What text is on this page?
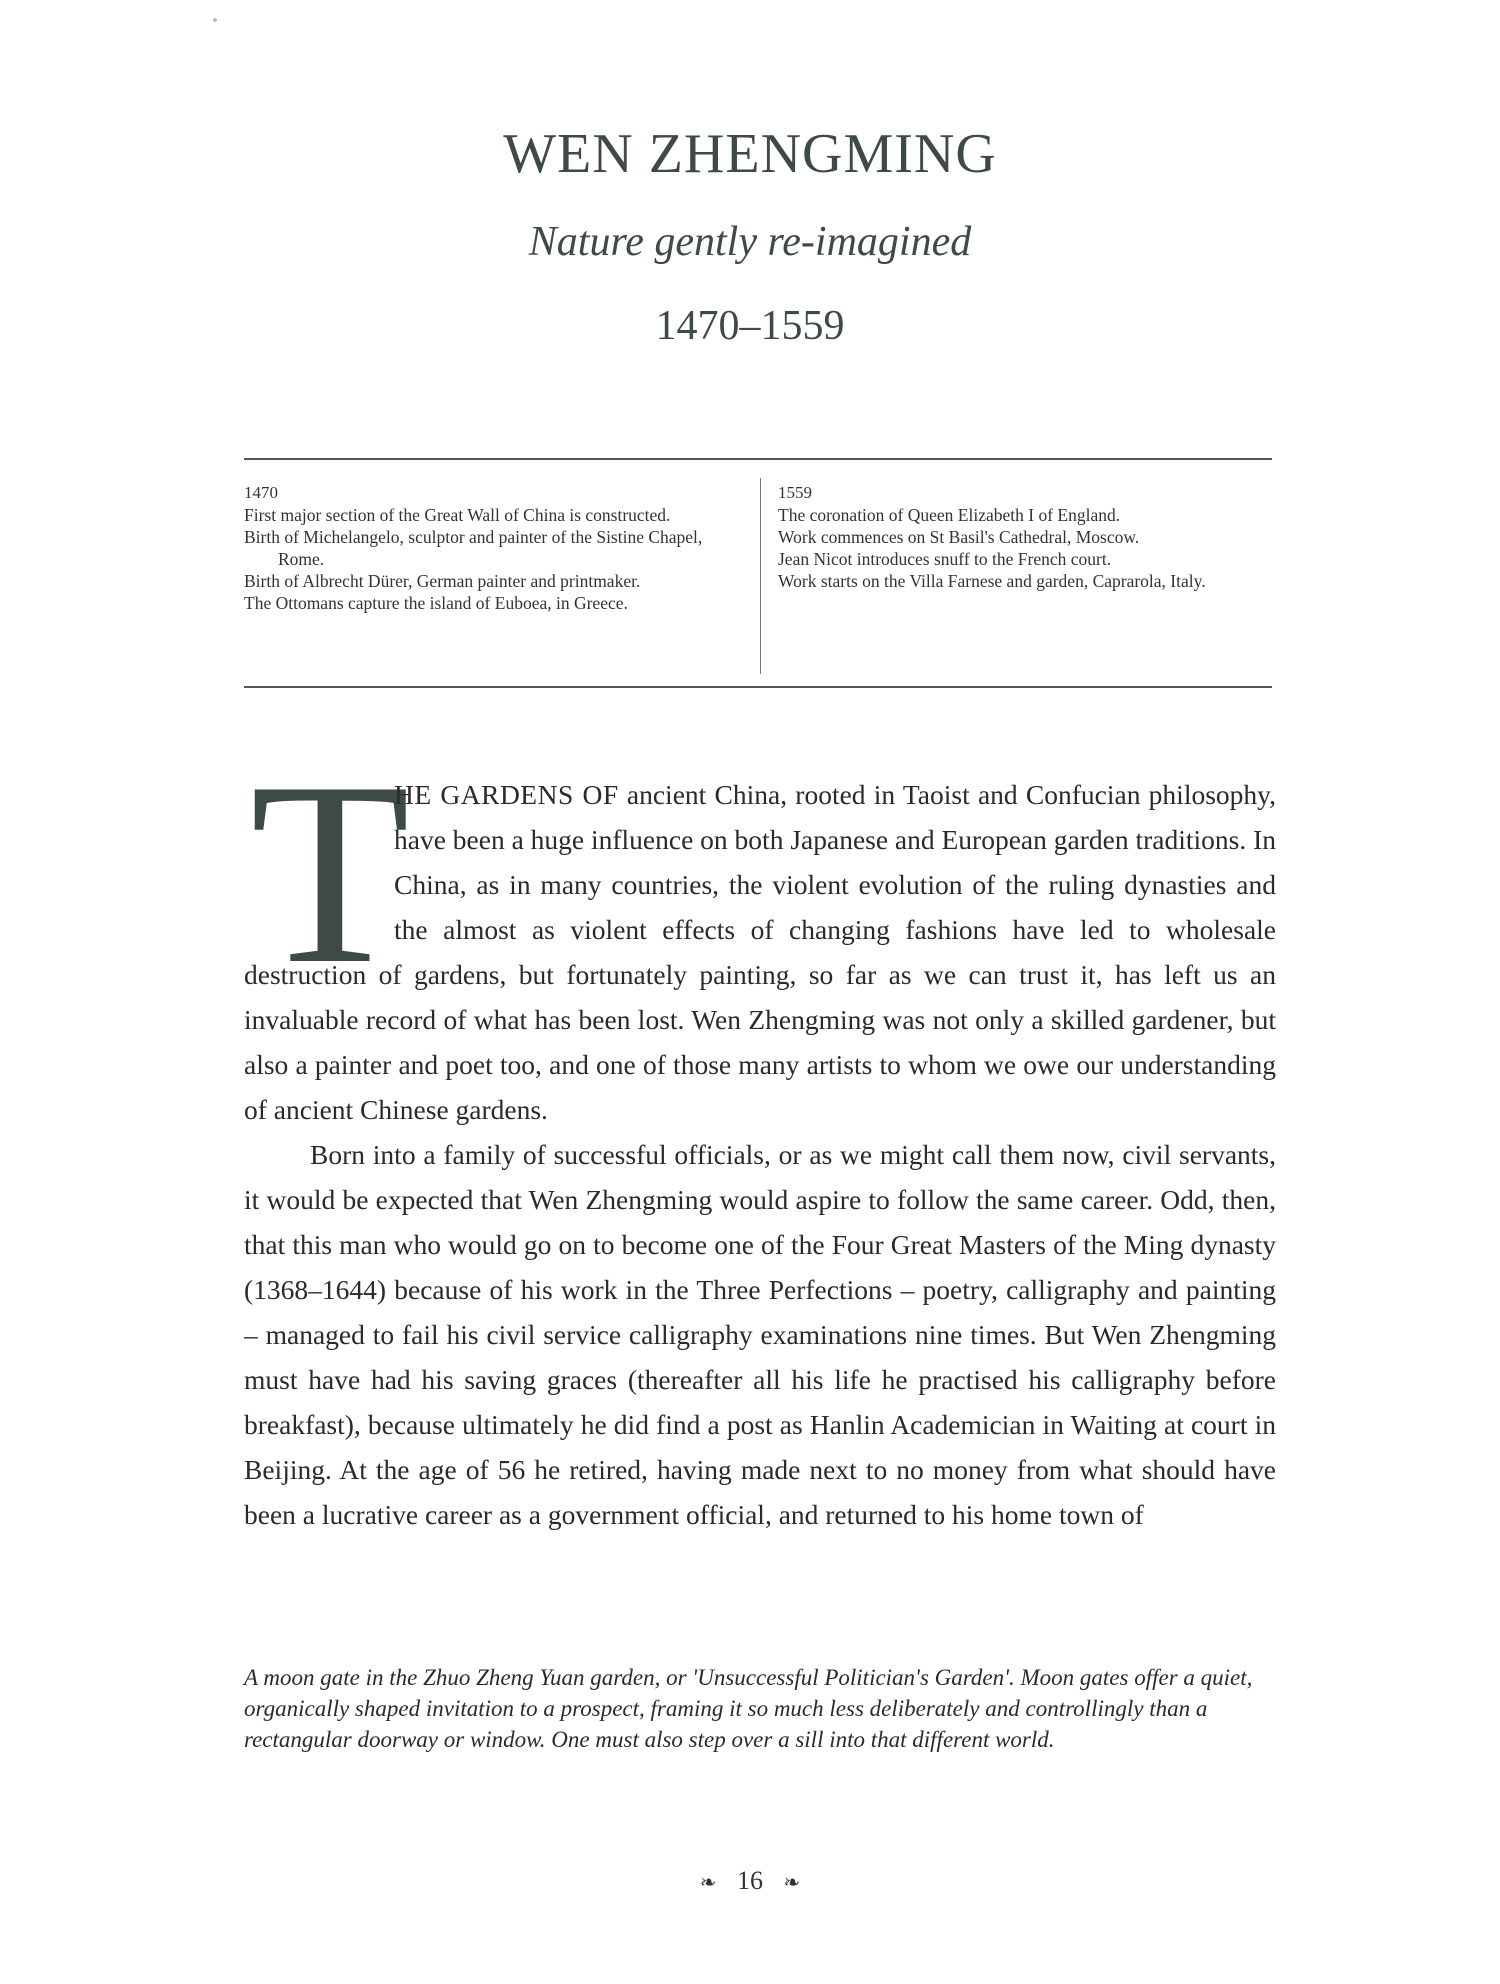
WEN ZHENGMING
Nature gently re-imagined
1470–1559
1470
First major section of the Great Wall of China is constructed.
Birth of Michelangelo, sculptor and painter of the Sistine Chapel, Rome.
Birth of Albrecht Dürer, German painter and printmaker.
The Ottomans capture the island of Euboea, in Greece.
1559
The coronation of Queen Elizabeth I of England.
Work commences on St Basil's Cathedral, Moscow.
Jean Nicot introduces snuff to the French court.
Work starts on the Villa Farnese and garden, Caprarola, Italy.
T

HE GARDENS OF ancient China, rooted in Taoist and Confucian philosophy, have been a huge influence on both Japanese and European garden traditions. In China, as in many countries, the violent evolution of the ruling dynasties and the almost as violent effects of changing fashions have led to wholesale destruction of gardens, but fortunately painting, so far as we can trust it, has left us an invaluable record of what has been lost. Wen Zhengming was not only a skilled gardener, but also a painter and poet too, and one of those many artists to whom we owe our understanding of ancient Chinese gardens.

Born into a family of successful officials, or as we might call them now, civil servants, it would be expected that Wen Zhengming would aspire to follow the same career. Odd, then, that this man who would go on to become one of the Four Great Masters of the Ming dynasty (1368–1644) because of his work in the Three Perfections – poetry, calligraphy and painting – managed to fail his civil service calligraphy examinations nine times. But Wen Zhengming must have had his saving graces (thereafter all his life he practised his calligraphy before breakfast), because ultimately he did find a post as Hanlin Academician in Waiting at court in Beijing. At the age of 56 he retired, having made next to no money from what should have been a lucrative career as a government official, and returned to his home town of

A moon gate in the Zhuo Zheng Yuan garden, or 'Unsuccessful Politician's Garden'. Moon gates offer a quiet, organically shaped invitation to a prospect, framing it so much less deliberately and controllingly than a rectangular doorway or window. One must also step over a sill into that different world.
❧ 16 ❧
